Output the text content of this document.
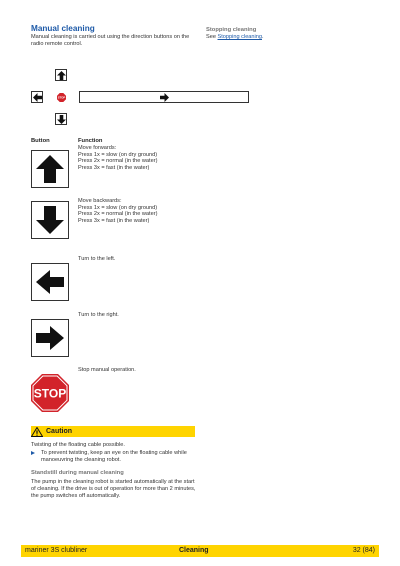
Manual cleaning

Manual cleaning is carried out using the direction buttons on the radio remote control.

STOP
Button	Function
Move forwards:
Press 1x = slow (on dry ground)
Press 2x = normal (in the water)
Press 3x = fast (in the water)
Move backwards:
Press 1x = slow (on dry ground)
Press 2x = normal (in the water)
Press 3x = fast (in the water)
Turn to the left.
Turn to the right.
STOP
Stop manual operation.
Caution
Twisting of the floating cable possible.
To prevent twisting, keep an eye on the floating cable while manoeuvring the cleaning robot.
Standstill during manual cleaning
The pump in the cleaning robot is started automatically at the start of cleaning. If the drive is out of operation for more than 2 minutes, the pump switches off automatically.

Stopping cleaning

See Stopping cleaning.

mariner 3S clubliner	Cleaning	32 (84)
